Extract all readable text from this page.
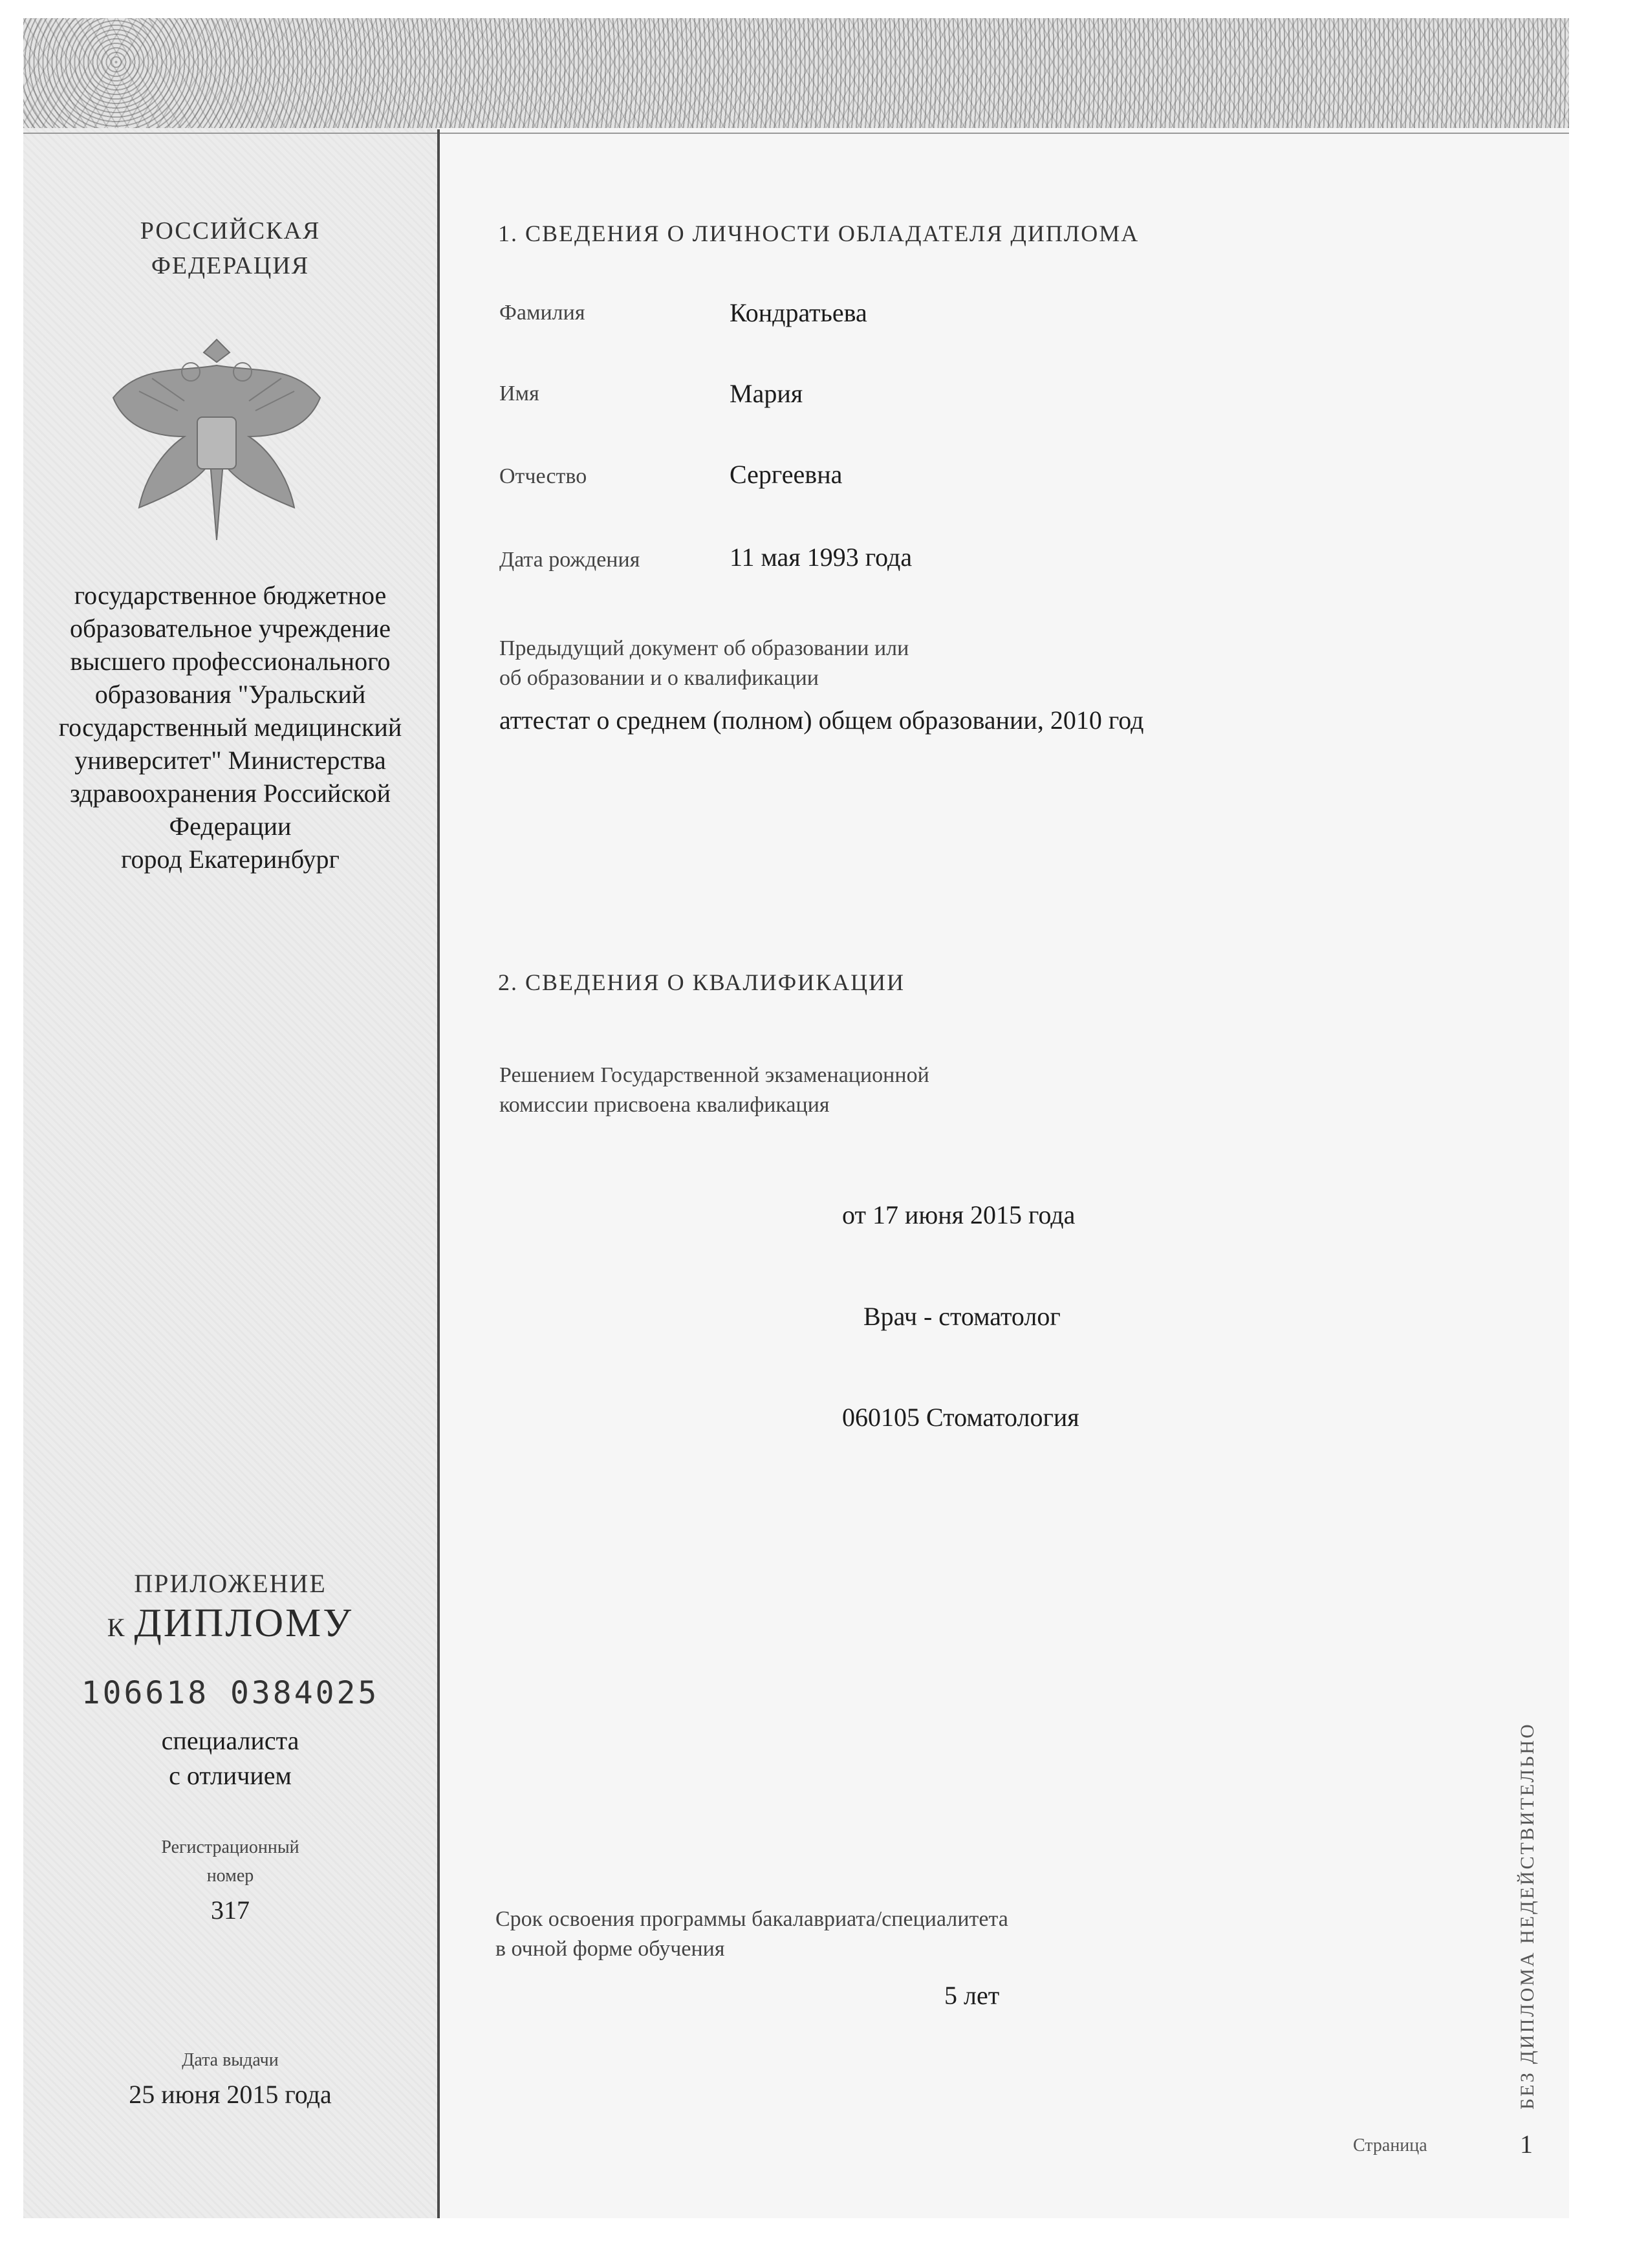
РОССИЙСКАЯ
ФЕДЕРАЦИЯ
государственное бюджетное
образовательное учреждение
высшего профессионального
образования "Уральский
государственный медицинский
университет" Министерства
здравоохранения Российской
Федерации
город Екатеринбург
ПРИЛОЖЕНИЕ
К ДИПЛОМУ
106618 0384025
специалиста
с отличием
Регистрационный
номер
317
Дата выдачи
25 июня 2015 года
1. СВЕДЕНИЯ О ЛИЧНОСТИ ОБЛАДАТЕЛЯ ДИПЛОМА
Фамилия	Кондратьева
Имя	Мария
Отчество	Сергеевна
Дата рождения	11 мая 1993 года
Предыдущий документ об образовании или
об образовании и о квалификации
аттестат о среднем (полном) общем образовании, 2010 год
2. СВЕДЕНИЯ О КВАЛИФИКАЦИИ
Решением Государственной экзаменационной
комиссии присвоена квалификация
от 17 июня 2015 года
Врач - стоматолог
060105 Стоматология
Срок освоения программы бакалавриата/специалитета
в очной форме обучения
5 лет	БЕЗ ДИПЛОМА НЕДЕЙСТВИТЕЛЬНО
Страница	1
